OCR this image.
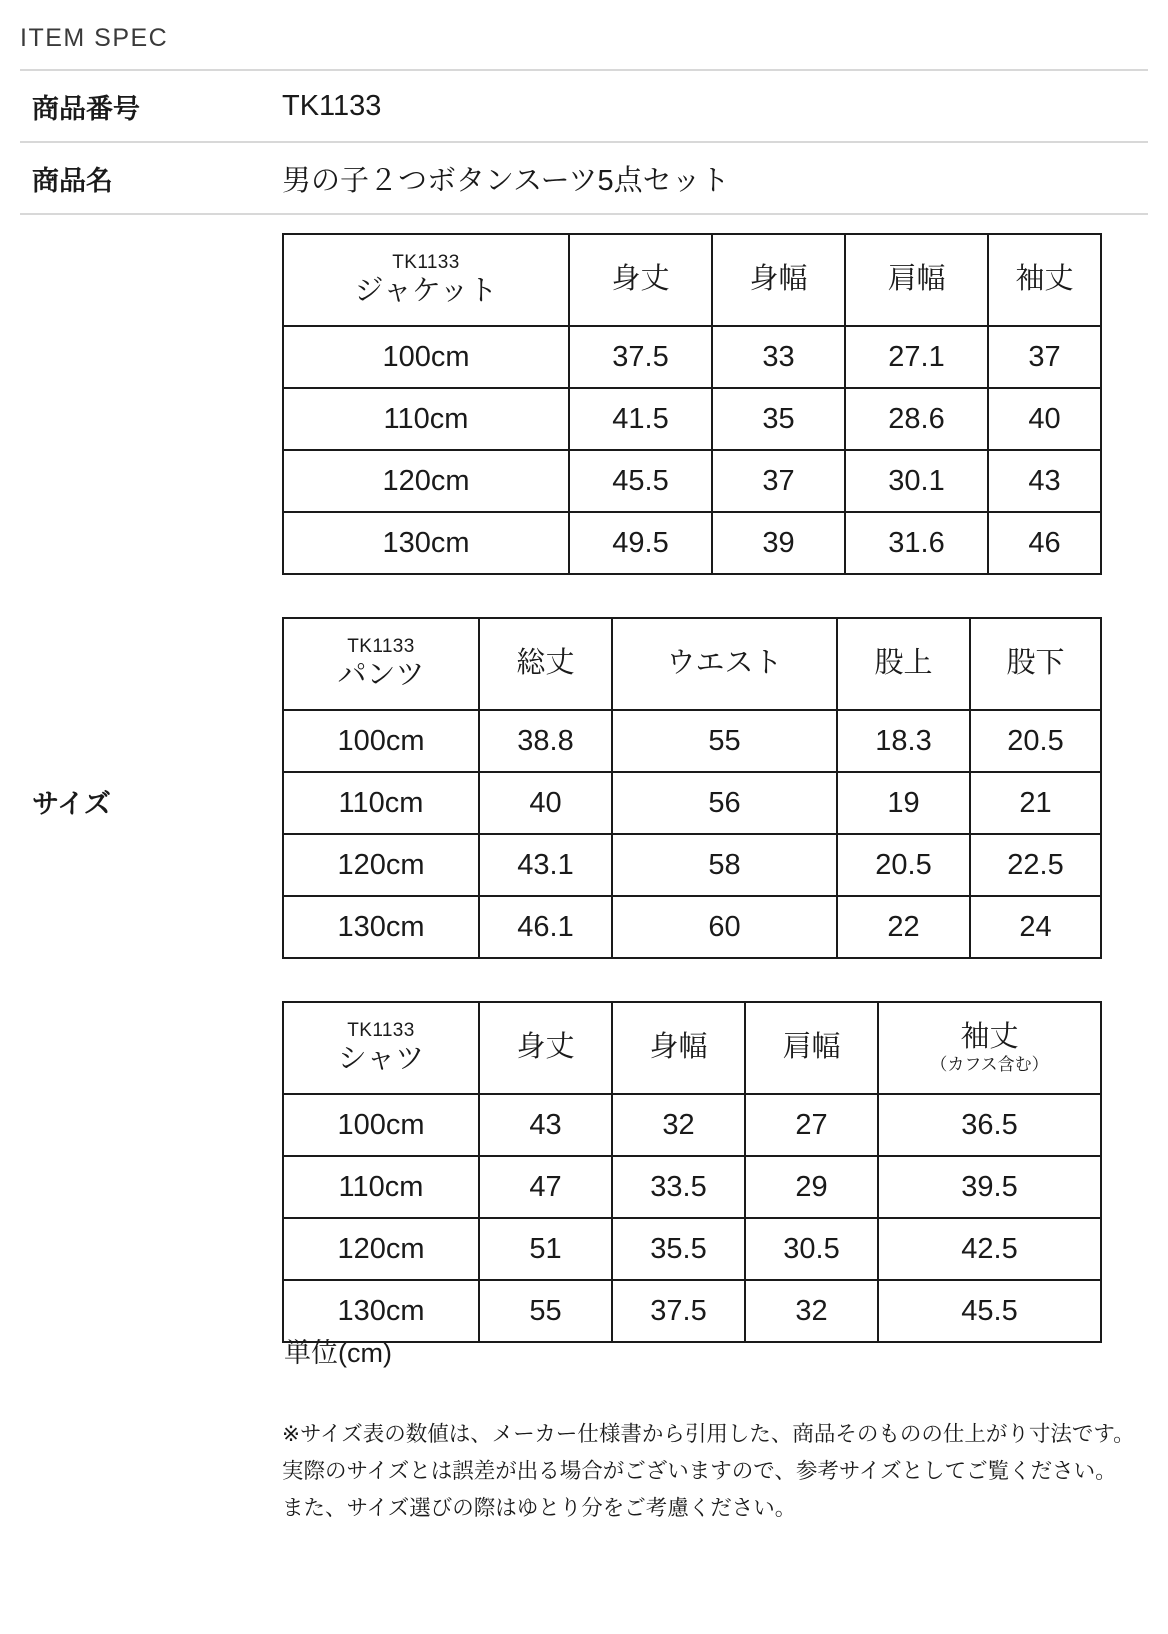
ITEM SPEC
商品番号	TK1133
商品名	男の子２つボタンスーツ5点セット
サイズ
TK1133
ジャケット	身丈	身幅	肩幅	袖丈
100cm	37.5	33	27.1	37
110cm	41.5	35	28.6	40
120cm	45.5	37	30.1	43
130cm	49.5	39	31.6	46
TK1133
パンツ	総丈	ウエスト	股上	股下
100cm	38.8	55	18.3	20.5
110cm	40	56	19	21
120cm	43.1	58	20.5	22.5
130cm	46.1	60	22	24
TK1133
シャツ	身丈	身幅	肩幅	袖丈
（カフス含む）

100cm	43	32	27	36.5
110cm	47	33.5	29	39.5
120cm	51	35.5	30.5	42.5
130cm	55	37.5	32	45.5
単位(cm)
※サイズ表の数値は、メーカー仕様書から引用した、商品そのものの仕上がり寸法です。
実際のサイズとは誤差が出る場合がございますので、参考サイズとしてご覧ください。
また、サイズ選びの際はゆとり分をご考慮ください。
